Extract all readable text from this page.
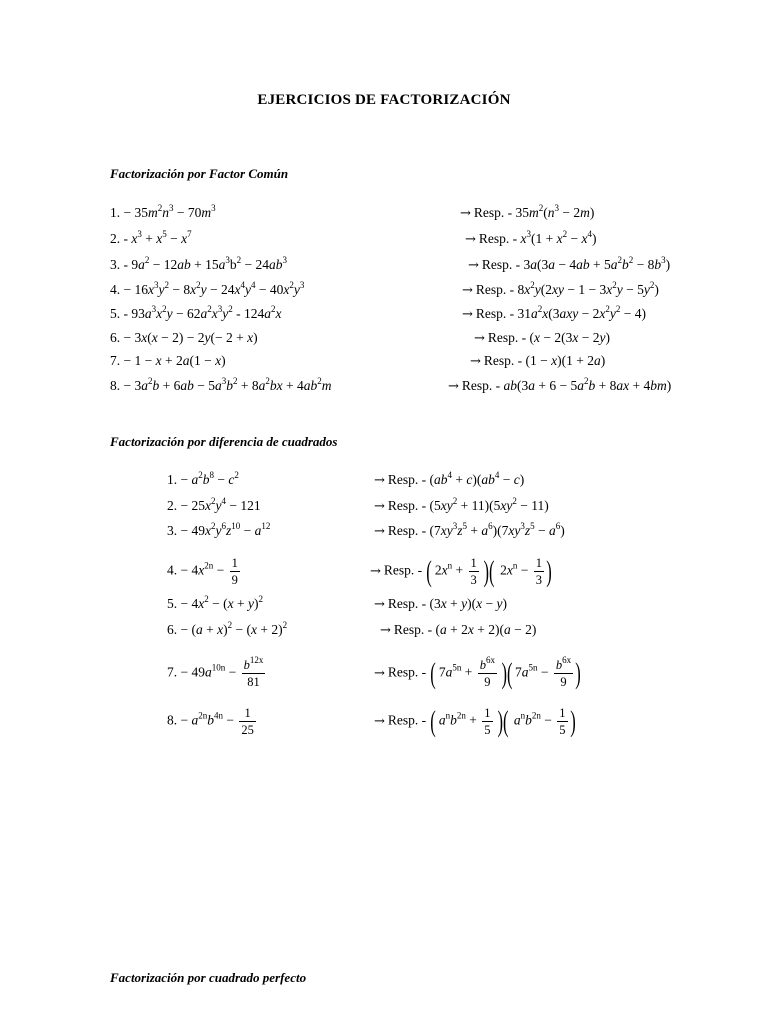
EJERCICIOS DE FACTORIZACIÓN
Factorización por Factor Común
1. − $35m^2n^3 - 70m^3$	→ Resp. - $35m^2(n^3 - 2m)$
2. - $x^3 + x^5 - x^7$	→ Resp. - $x^3(1 + x^2 - x^4)$
3. - $9a^2 - 12ab + 15a^3b^2 - 24ab^3$	→ Resp. - $3a(3a - 4ab + 5a^2b^2 - 8b^3)$
4. − $16x^3y^2 - 8x^2y - 24x^4y^4 - 40x^2y^3$	→ Resp. - $8x^2y(2xy - 1 - 3x^2y - 5y^2)$
5. - $93a^3x^2y - 62a^2x^3y^2 - 124a^2x$	→ Resp. - $31a^2x(3axy - 2x^2y^2 - 4)$
6. − 3x(x − 2) − 2y(− 2 + x)	→ Resp. - (x − 2(3x − 2y)
7. − 1 − x + 2a(1 − x)	→ Resp. - (1 − x)(1 + 2a)
8. − $3a^2b + 6ab - 5a^3b^2 + 8a^2bx + 4ab^2m$	→ Resp. - $ab(3a + 6 - 5a^2b + 8ax + 4bm)$
Factorización por diferencia de cuadrados
1. − $a^2b^8 - c^2$	→ Resp. - $(ab^4 + c)(ab^4 - c)$
2. − $25x^2y^4 - 121$	→ Resp. - $(5xy^2 + 11)(5xy^2 - 11)$
3. − $49x^2y^6z^{10} - a^{12}$	→ Resp. - $(7xy^3z^5 + a^6)(7xy^3z^5 - a^6)$
4. − $4x^{2n} - \frac{1}{9}$	→ Resp. - ( $2x^n + \frac{1}{3}$ )( $2x^n - \frac{1}{3}$ )
5. − $4x^2 - (x + y)^2$	→ Resp. - (3x + y)(x − y)
6. − $(a + x)^2 - (x + 2)^2$	→ Resp. - (a + 2x + 2)(a − 2)
7. − $49a^{10n} - \frac{b^{12x}}{81}$	→ Resp. - ( $7a^{5n} + \frac{b^{6x}}{9}$ )( $7a^{5n} - \frac{b^{6x}}{9}$ )
8. − $a^{2n}b^{4n} - \frac{1}{25}$	→ Resp. - ( $a^nb^{2n} + \frac{1}{5}$ )( $a^nb^{2n} - \frac{1}{5}$ )
Factorización por cuadrado perfecto
